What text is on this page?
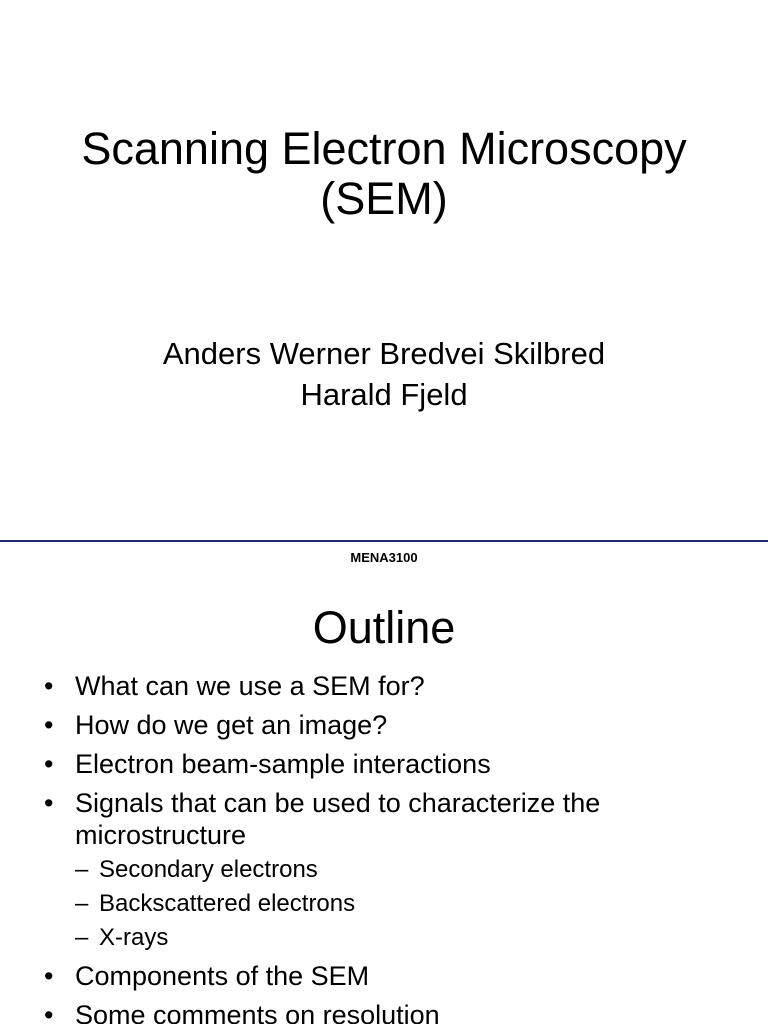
Scanning Electron Microscopy
(SEM)
Anders Werner Bredvei Skilbred
Harald Fjeld
MENA3100
Outline
• What can we use a SEM for?
• How do we get an image?
• Electron beam-sample interactions
• Signals that can be used to characterize the microstructure
– Secondary electrons
– Backscattered electrons
– X-rays
• Components of the SEM
• Some comments on resolution
